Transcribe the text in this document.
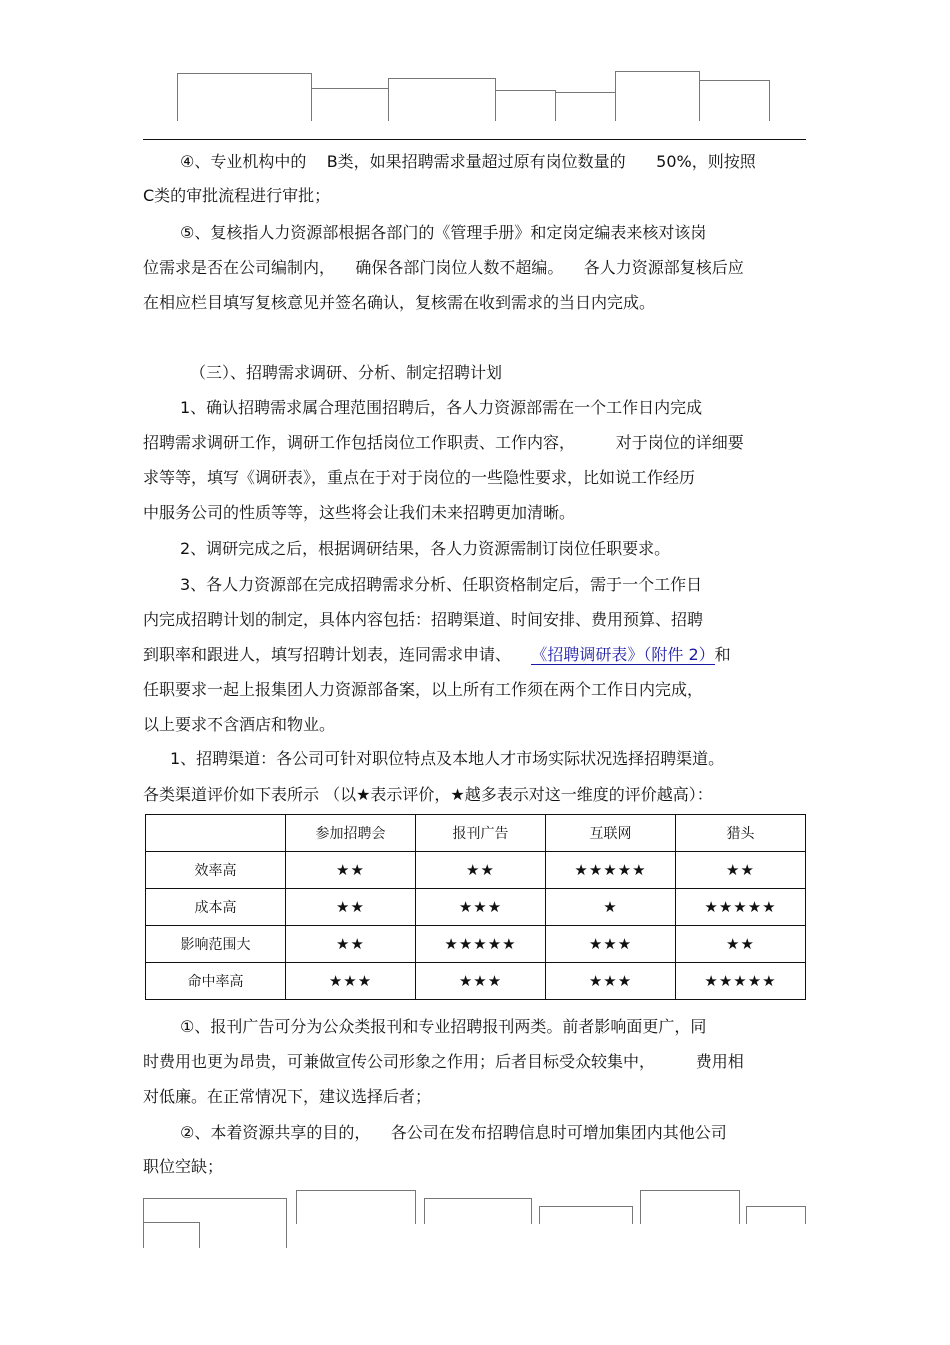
④、专业机构中的    B类，如果招聘需求量超过原有岗位数量的      50%，则按照
C类的审批流程进行审批；
⑤、复核指人力资源部根据各部门的《管理手册》和定岗定编表来核对该岗
位需求是否在公司编制内，    确保各部门岗位人数不超编。    各人力资源部复核后应
在相应栏目填写复核意见并签名确认，复核需在收到需求的当日内完成。
（三）、招聘需求调研、分析、制定招聘计划
1、确认招聘需求属合理范围招聘后，各人力资源部需在一个工作日内完成
招聘需求调研工作，调研工作包括岗位工作职责、工作内容，        对于岗位的详细要
求等等，填写《调研表》，重点在于对于岗位的一些隐性要求，比如说工作经历
中服务公司的性质等等，这些将会让我们未来招聘更加清晰。
2、调研完成之后，根据调研结果，各人力资源需制订岗位任职要求。
3、各人力资源部在完成招聘需求分析、任职资格制定后，需于一个工作日
内完成招聘计划的制定，具体内容包括：招聘渠道、时间安排、费用预算、招聘
到职率和跟进人，填写招聘计划表，连同需求申请、    《招聘调研表》（附件 2）和
任职要求一起上报集团人力资源部备案，以上所有工作须在两个工作日内完成，
以上要求不含酒店和物业。
1、招聘渠道：各公司可针对职位特点及本地人才市场实际状况选择招聘渠道。
各类渠道评价如下表所示 （以★表示评价，★越多表示对这一维度的评价越高）：
	参加招聘会	报刊广告	互联网	猎头
效率高	★★	★★	★★★★★	★★
成本高	★★	★★★	★	★★★★★
影响范围大	★★	★★★★★	★★★	★★
命中率高	★★★	★★★	★★★	★★★★★
①、报刊广告可分为公众类报刊和专业招聘报刊两类。前者影响面更广，同
时费用也更为昂贵，可兼做宣传公司形象之作用；后者目标受众较集中，        费用相
对低廉。在正常情况下，建议选择后者；
②、本着资源共享的目的，    各公司在发布招聘信息时可增加集团内其他公司
职位空缺；
